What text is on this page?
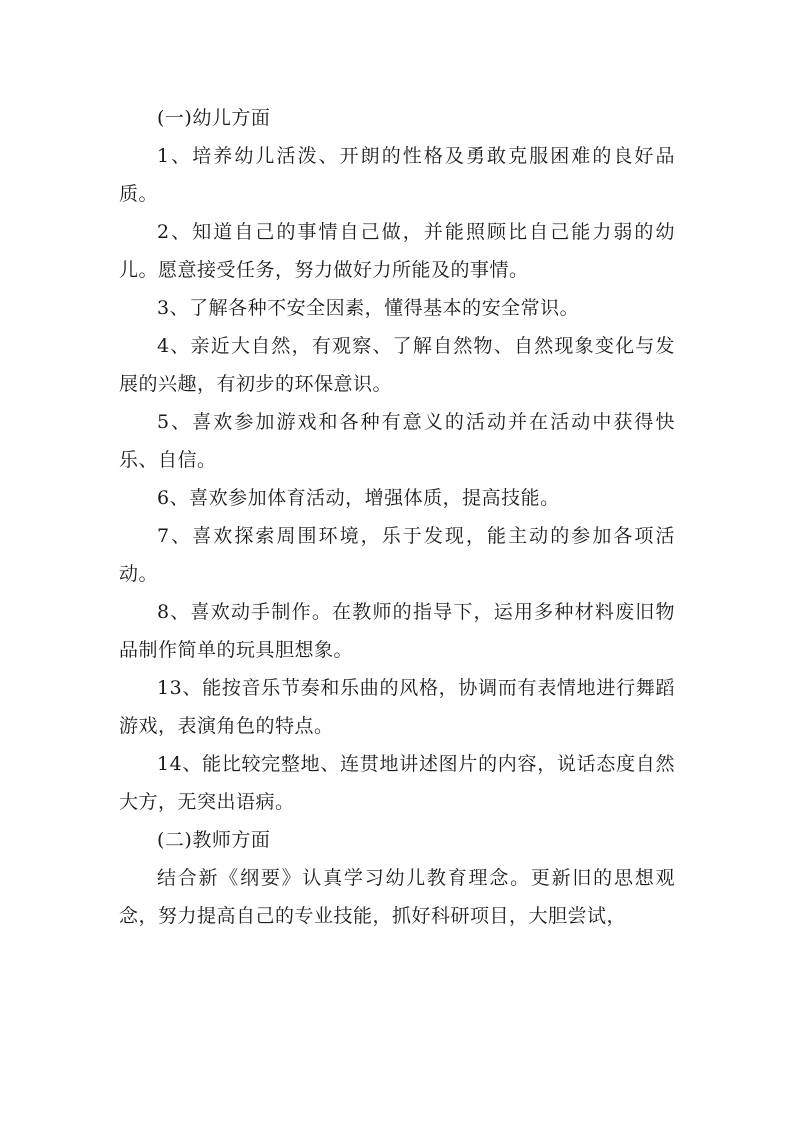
(一)幼儿方面

1、培养幼儿活泼、开朗的性格及勇敢克服困难的良好品质。

2、知道自己的事情自己做，并能照顾比自己能力弱的幼儿。愿意接受任务，努力做好力所能及的事情。

3、了解各种不安全因素，懂得基本的安全常识。

4、亲近大自然，有观察、了解自然物、自然现象变化与发展的兴趣，有初步的环保意识。

5、喜欢参加游戏和各种有意义的活动并在活动中获得快乐、自信。

6、喜欢参加体育活动，增强体质，提高技能。

7、喜欢探索周围环境，乐于发现，能主动的参加各项活动。

8、喜欢动手制作。在教师的指导下，运用多种材料废旧物品制作简单的玩具胆想象。

13、能按音乐节奏和乐曲的风格，协调而有表情地进行舞蹈游戏，表演角色的特点。

14、能比较完整地、连贯地讲述图片的内容，说话态度自然大方，无突出语病。

(二)教师方面

结合新《纲要》认真学习幼儿教育理念。更新旧的思想观念，努力提高自己的专业技能，抓好科研项目，大胆尝试，
